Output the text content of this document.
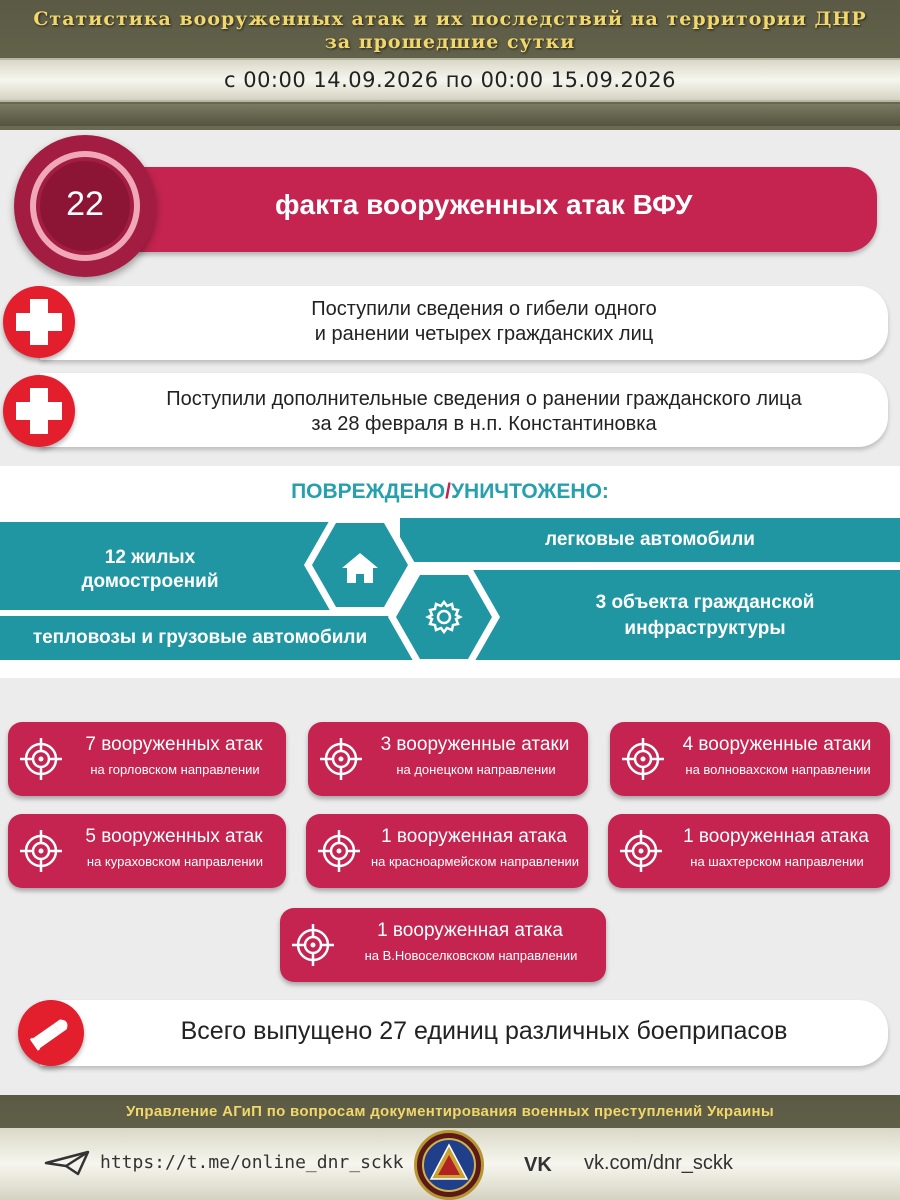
Статистика вооруженных атак и их последствий на территории ДНР
за прошедшие сутки
с 00:00 14.09.2026 по 00:00 15.09.2026
факта вооруженных атак ВФУ
22
Поступили сведения о гибели одного
и ранении четырех гражданских лиц
Поступили дополнительные сведения о ранении гражданского лица
за 28 февраля в н.п. Константиновка
ПОВРЕЖДЕНО/УНИЧТОЖЕНО:
12 жилых
домостроений
легковые автомобили
тепловозы и грузовые автомобили
3 объекта гражданской
инфраструктуры
7 вооруженных атак
на горловском направлении
3 вооруженные атаки
на донецком направлении
4 вооруженные атаки
на волновахском направлении
5 вооруженных атак
на кураховском направлении
1 вооруженная атака
на красноармейском направлении
1 вооруженная атака
на шахтерском направлении
1 вооруженная атака
на В.Новоселковском направлении
Всего выпущено 27 единиц различных боеприпасов
Управление АГиП по вопросам документирования военных преступлений Украины
https://t.me/online_dnr_sckk	VK vk.com/dnr_sckk
